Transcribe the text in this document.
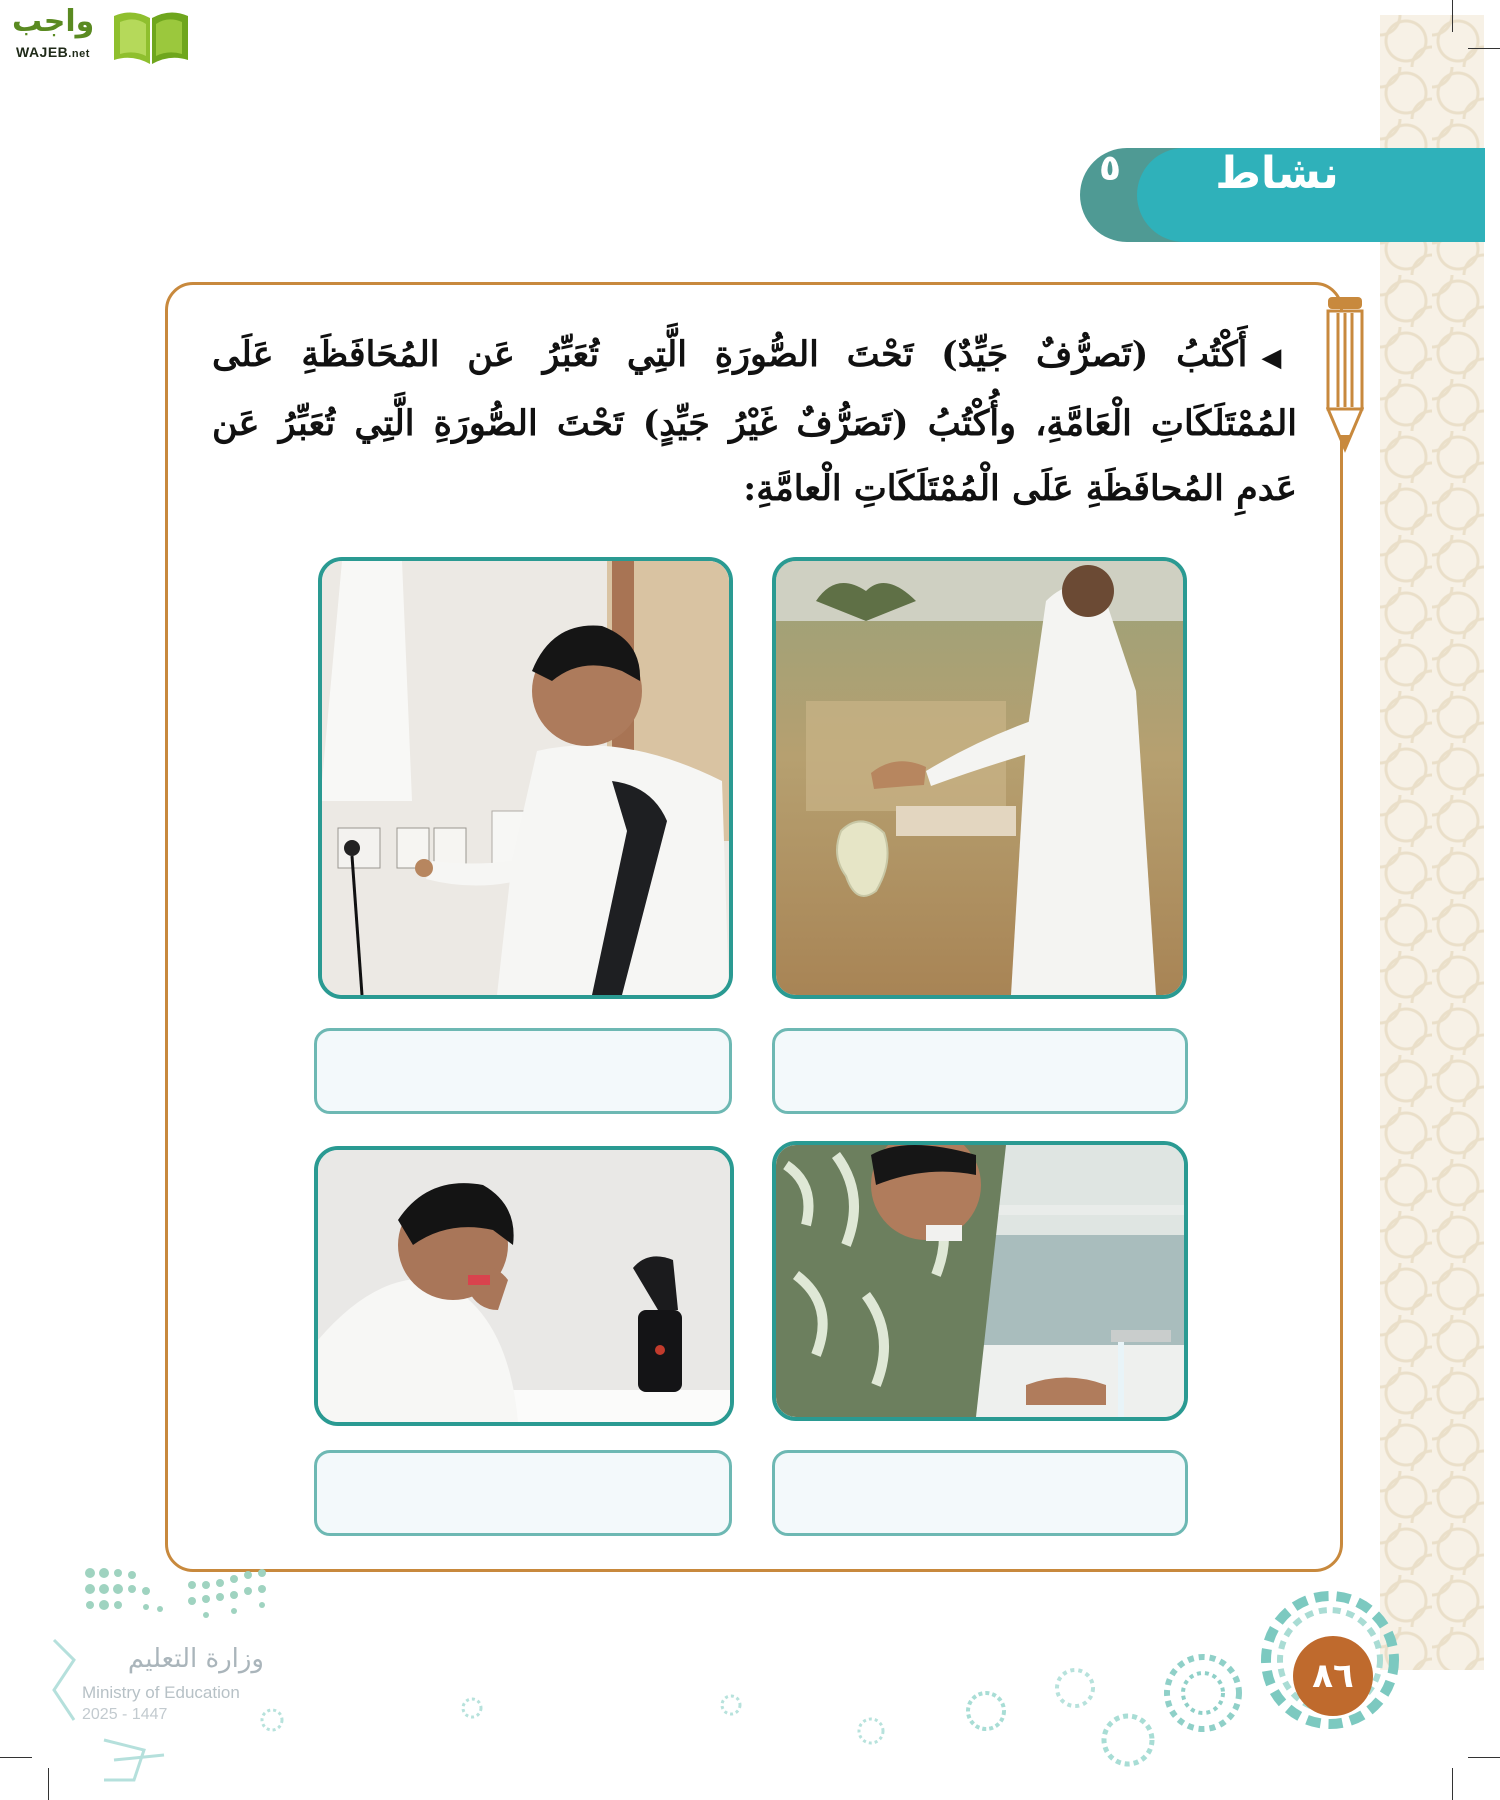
واجب
WAJEB.net
نشاط
٥
◀أَكْتُبُ (تَصرُّفٌ جَيِّدٌ) تَحْتَ الصُّورَةِ الَّتِي تُعَبِّرُ عَن المُحَافَظَةِ عَلَى المُمْتَلَكَاتِ الْعَامَّةِ، وأُكْتُبُ (تَصَرُّفٌ غَيْرُ جَيِّدٍ) تَحْتَ الصُّورَةِ الَّتِي تُعَبِّرُ عَن عَدمِ المُحافَظَةِ عَلَى الْمُمْتَلَكَاتِ الْعامَّةِ:
وزارة التعليم
Ministry of Education
2025 - 1447
٨٦
